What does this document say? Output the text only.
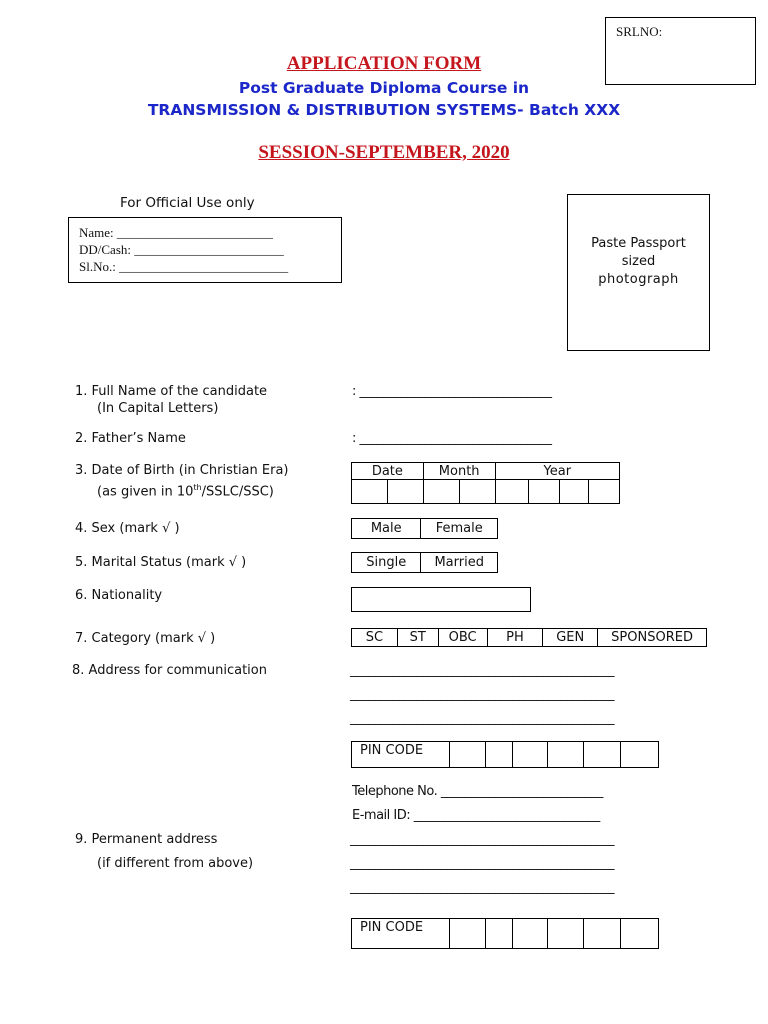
SRLNO:
APPLICATION FORM
Post Graduate Diploma Course in
TRANSMISSION & DISTRIBUTION SYSTEMS- Batch XXX
SESSION-SEPTEMBER, 2020
For Official Use only
Name: ________________________
DD/Cash: _______________________
Sl.No.: __________________________
Paste Passport
sized
photograph
1. Full Name of the candidate
(In Capital Letters)
: ________________________________
2. Father’s Name	: ________________________________
3. Date of Birth (in Christian Era)
(as given in 10th/SSLC/SSC)
Date		Month		Year			

4. Sex (mark √ )	Male	Female
5. Marital Status (mark √ )	Single	Married
6. Nationality
7. Category (mark √ )	SC	ST	OBC	PH	GEN	SPONSORED
8. Address for communication	____________________________________________
____________________________________________
____________________________________________
PIN CODE						
Telephone No. ___________________________
E-mail ID: _______________________________
9. Permanent address
(if different from above)
____________________________________________
____________________________________________
____________________________________________
PIN CODE						
